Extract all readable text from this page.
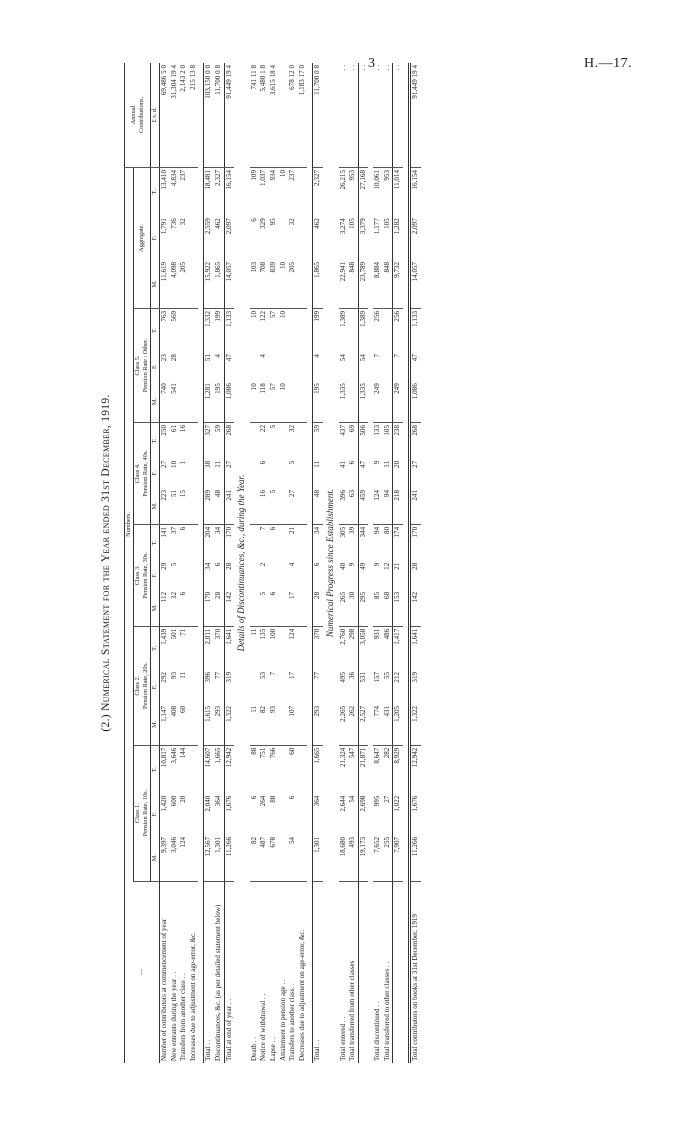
3	H.—17.
(2.) Numerical Statement for the Year ended 31st December, 1919.
—	Numbers.																		Annual
Contributions.
	Class 1.
Pension Rate, 10s.			Class 2.
Pension Rate, 20s.			Class 3.
Pension Rate, 30s.			Class 4.
Pension Rate, 40s.			Class 5.
Pension Rate : Other.			Aggregate.			
	M.	F.	T.	M.	F.	T.	M.	F.	T.	M.	F.	T.	M.	F.	T.	M.	F.	T.	£ s. d.
Number of contributors at commencement of year	9,397	1,420	10,817	1,147	292	1,439	112	29	141	223	27	250	740	23	763	11,619	1,791	13,410	69,486 5 0
New entrants during the year . .	3,046	600	3,646	408	93	501	32	5	37	51	10	61	541	28	569	4,098	736	4,834	31,304 19 4
Transfers from another class . .	124	20	144	60	11	71	6		6	15	1	16				205	32	237	2,143 2 0
Increases due to adjustment on age-error, &c.																			215 13 8

Total . .	12,567	2,040	14,607	1,615	396	2,011	170	34	204	289	38	327	1,281	51	1,332	15,922	2,559	18,481	103,150 0 0
Discontinuances, &c. (as per detailed statement below)	1,301	364	1,665	293	77	370	28	6	34	48	11	59	195	4	199	1,865	462	2,327	11,700 0 8
Total at end of year . .	11,266	1,676	12,942	1,322	319	1,641	142	28	170	241	27	268	1,086	47	1,133	14,057	2,097	16,154	91,449 19 4
Details of Discontinuances, &c., during the Year.																			
Death . .	82	6	88	11		11							10		10	103	6	109	741 11 8
Notice of withdrawal . .	487	264	751	82	53	135	5	2	7	16	6	22	118	4	122	708	329	1,037	5,480 1 8
Lapse . .	678	88	766	93	7	100	6		6	5		5	57		57	839	95	934	3,615 18 4
Attainment to pension age . .													10		10	10		10	
Transfers to another class. .	54	6	60	107	17	124	17	4	21	27	5	32				205	32	237	678 12 0
Decreases due to adjustment on age-error, &c.																			1,183 17 0

Total . .	1,301	364	1,665	293	77	370	28	6	34	48	11	59	195	4	199	1,865	462	2,327	11,700 0 8
Numerical Progress since Establishment.																			
Total entered . .	18,680	2,644	21,324	2,265	495	2,760	265	40	305	396	41	437	1,335	54	1,389	22,941	3,274	26,215	. .
Total transferred from other classes	493	54	547	262	36	298	30	9	39	63	6	69				848	105	953	. .
	19,173	2,698	21,871	2,527	531	3,058	295	49	344	459	47	506	1,335	54	1,389	23,789	3,379	27,168	. .

Total discontinued . .	7,652	995	8,647	774	157	931	85	9	94	124	9	133	249	7	256	8,884	1,177	10,061	. .
Total transferred to other classes . .	255	27	282	431	55	486	68	12	80	94	11	105				848	105	953	. .
	7,907	1,022	8,929	1,205	212	1,417	153	21	174	218	20	238	249	7	256	9,732	1,282	11,014	. .

Total contributors on books at 31st December, 1919	11,266	1,676	12,942	1,322	319	1,641	142	28	170	241	27	268	1,086	47	1,133	14,057	2,097	16,154	91,449 19 4
